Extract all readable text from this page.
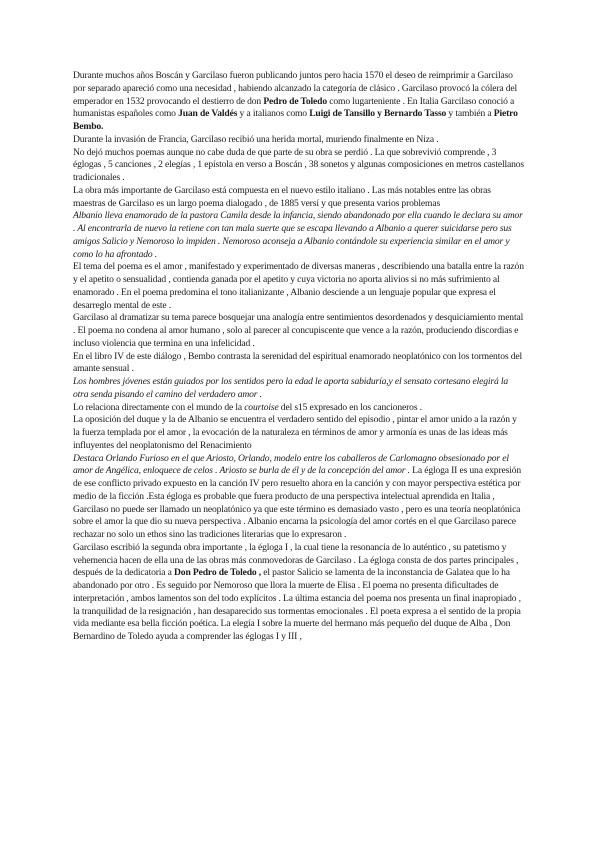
Durante muchos años Boscán y Garcilaso fueron publicando juntos pero hacia 1570 el deseo de reimprimir a Garcilaso por separado apareció como una necesidad , habiendo alcanzado la categoría de clásico . Garcilaso provocó la cólera del emperador en 1532 provocando el destierro de don Pedro de Toledo como lugarteniente . En Italia Garcilaso conoció a humanistas españoles como Juan de Valdés y a italianos como Luigi de Tansillo y Bernardo Tasso y también a Pietro Bembo.

Durante la invasión de Francia, Garcilaso recibió una herida mortal, muriendo finalmente en Niza .

No dejó muchos poemas aunque no cabe duda de que parte de su obra se perdió . La que sobrevivió comprende , 3 églogas , 5 canciones , 2 elegías , 1 epístola en verso a Boscán , 38 sonetos y algunas composiciones en metros castellanos tradicionales .

La obra más importante de Garcilaso está compuesta en el nuevo estilo italiano . Las más notables entre las obras maestras de Garcilaso es un largo poema dialogado , de 1885 versí y que presenta varios problemas

Albanio lleva enamorado de la pastora Camila desde la infancia, siendo abandonado por ella cuando le declara su amor . Al encontrarla de nuevo la retiene con tan mala suerte que se escapa llevando a Albanio a querer suicidarse pero sus amigos Salicio y Nemoroso lo impiden . Nemoroso aconseja a Albanio contándole su experiencia similar en el amor y como lo ha afrontado .

El tema del poema es el amor , manifestado y experimentado de diversas maneras , describiendo una batalla entre la razón y el apetito o sensualidad , contienda ganada por el apetito y cuya victoria no aporta alivios si no más sufrimiento al enamorado . En el poema predomina el tono italianizante , Albanio desciende a un lenguaje popular que expresa el desarreglo mental de este .

Garcilaso al dramatizar su tema parece bosquejar una analogía entre sentimientos desordenados y desquiciamiento mental . El poema no condena al amor humano , solo al parecer al concupiscente que vence a la razón, produciendo discordias e incluso violencia que termina en una infelicidad .

En el libro IV de este diálogo , Bembo contrasta la serenidad del espiritual enamorado neoplatónico con los tormentos del amante sensual .

Los hombres jóvenes están guiados por los sentidos pero la edad le aporta sabiduría,y el sensato cortesano elegirá la otra senda pisando el camino del verdadero amor .

Lo relaciona directamente con el mundo de la courtoise del s15 expresado en los cancioneros .

La oposición del duque y la de Albanio se encuentra el verdadero sentido del episodio , pintar el amor unido a la razón y la fuerza templada por el amor , la evocación de la naturaleza en términos de amor y armonía es unas de las ideas más influyentes del neoplatonismo del Renacimiento

Destaca Orlando Furioso en el que Ariosto, Orlando, modelo entre los caballeros de Carlomagno obsesionado por el amor de Angélica, enloquece de celos . Ariosto se burla de él y de la concepción del amor . La égloga II es una expresión de ese conflicto privado expuesto en la canción IV pero resuelto ahora en la canción y con mayor perspectiva estética por medio de la ficción .Esta égloga es probable que fuera producto de una perspectiva intelectual aprendida en Italia , Garcilaso no puede ser llamado un neoplatónico ya que este término es demasiado vasto , pero es una teoría neoplatónica sobre el amor la que dio su nueva perspectiva . Albanio encarna la psicología del amor cortés en el que Garcilaso parece rechazar no solo un ethos sino las tradiciones literarias que lo expresaron .

Garcilaso escribió la segunda obra importante , la égloga I , la cual tiene la resonancia de lo auténtico , su patetismo y vehemencia hacen de ella una de las obras más conmovedoras de Garcilaso . La égloga consta de dos partes principales , después de la dedicatoria a Don Pedro de Toledo , el pastor Salicio se lamenta de la inconstancia de Galatea que lo ha abandonado por otro . Es seguido por Nemoroso que llora la muerte de Elisa . El poema no presenta dificultades de interpretación , ambos lamentos son del todo explícitos . La última estancia del poema nos presenta un final inapropiado , la tranquilidad de la resignación , han desaparecido sus tormentas emocionales . El poeta expresa a el sentido de la propia vida mediante esa bella ficción poética. La elegía I sobre la muerte del hermano más pequeño del duque de Alba , Don Bernardino de Toledo ayuda a comprender las églogas I y III ,
